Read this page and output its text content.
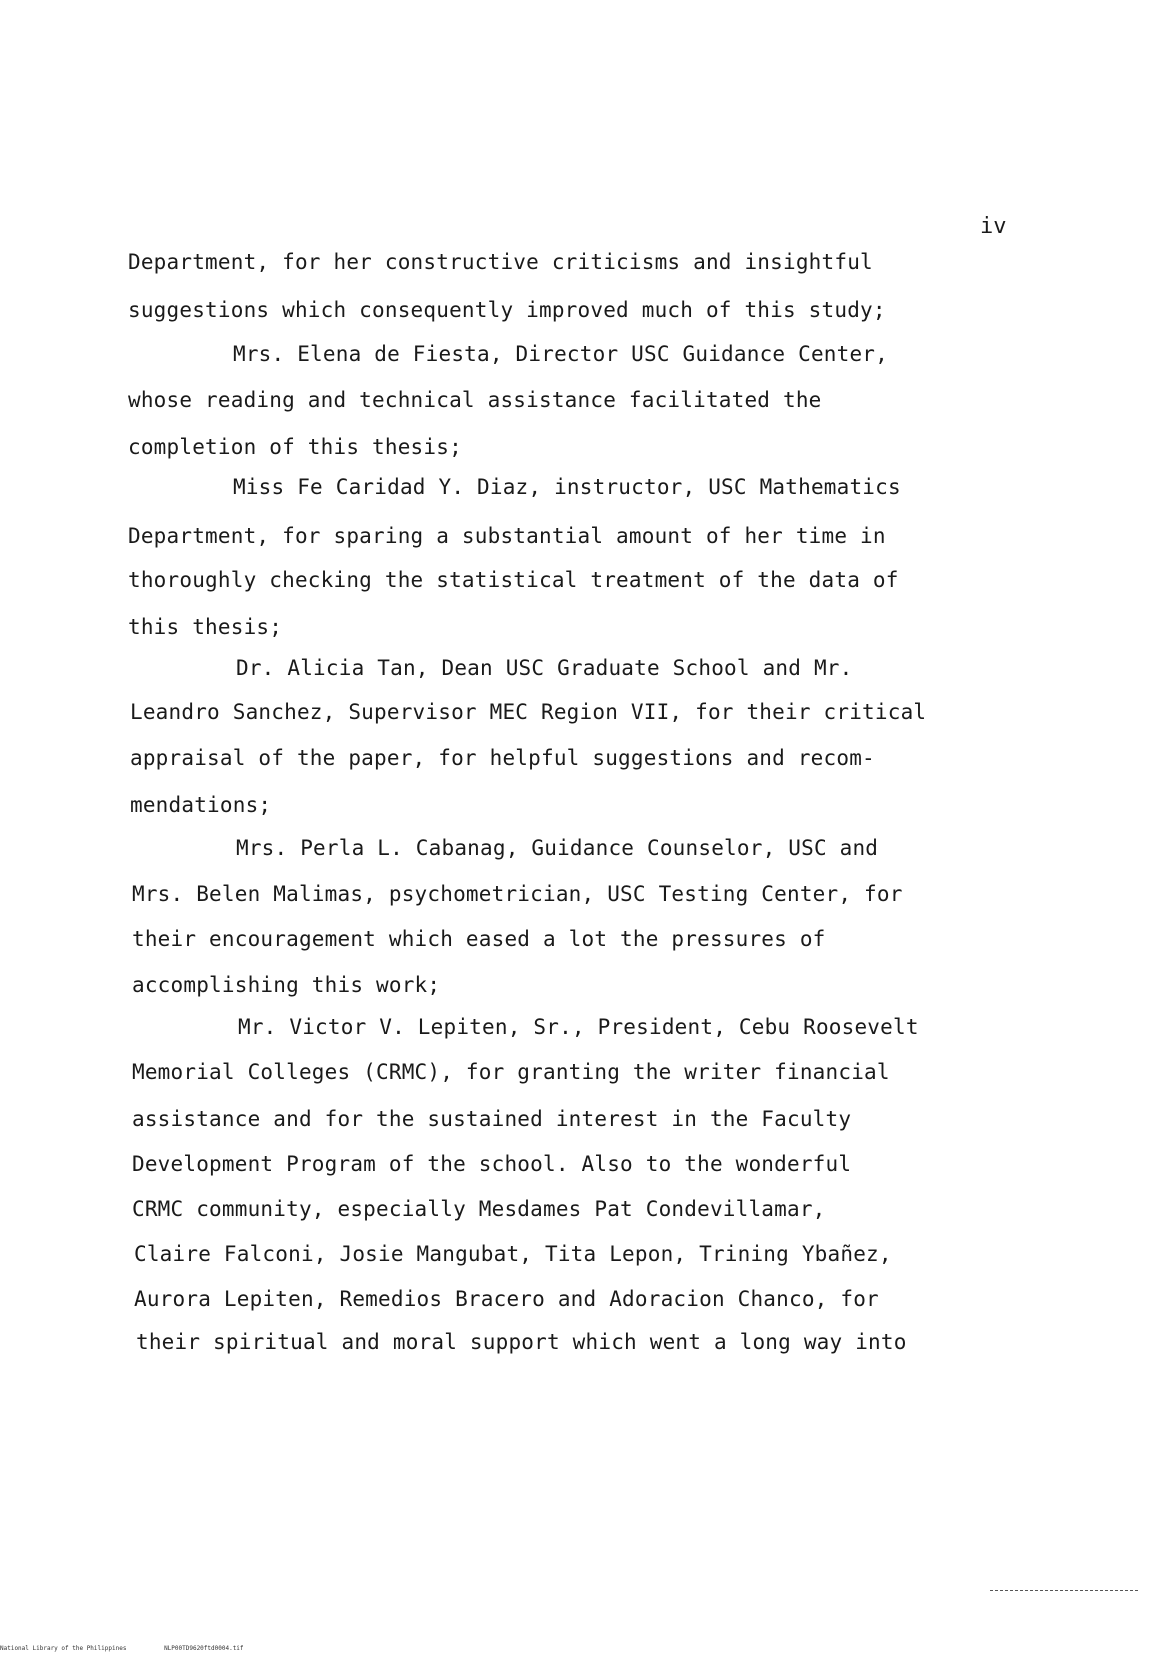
iv
Department, for her constructive criticisms and insightful
suggestions which consequently improved much of this study;
Mrs. Elena de Fiesta, Director USC Guidance Center,
whose reading and technical assistance facilitated the
completion of this thesis;
Miss Fe Caridad Y. Diaz, instructor, USC Mathematics
Department, for sparing a substantial amount of her time in
thoroughly checking the statistical treatment of the data of
this thesis;
Dr. Alicia Tan, Dean USC Graduate School and Mr.
Leandro Sanchez, Supervisor MEC Region VII, for their critical
appraisal of the paper, for helpful suggestions and recom-
mendations;
Mrs. Perla L. Cabanag, Guidance Counselor, USC and
Mrs. Belen Malimas, psychometrician, USC Testing Center, for
their encouragement which eased a lot the pressures of
accomplishing this work;
Mr. Victor V. Lepiten, Sr., President, Cebu Roosevelt
Memorial Colleges (CRMC), for granting the writer financial
assistance and for the sustained interest in the Faculty
Development Program of the school. Also to the wonderful
CRMC community, especially Mesdames Pat Condevillamar,
Claire Falconi, Josie Mangubat, Tita Lepon, Trining Ybañez,
Aurora Lepiten, Remedios Bracero and Adoracion Chanco, for
their spiritual and moral support which went a long way into
National Library of the Philippines	NLP00TD9620ftd0004.tif
